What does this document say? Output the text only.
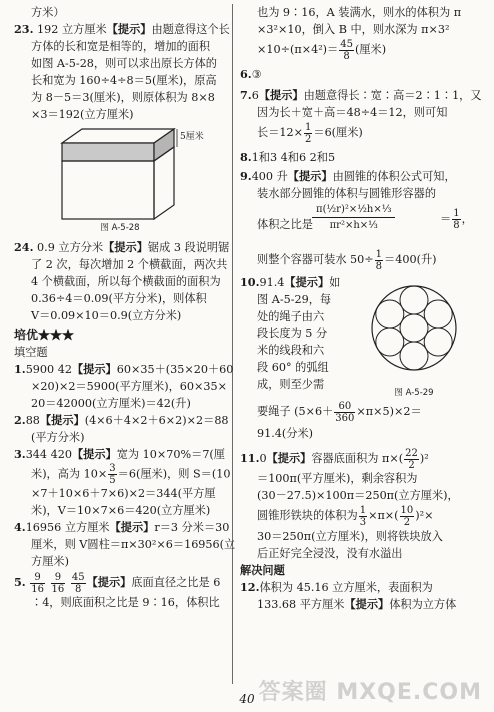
方米）
23. 192 立方厘米【提示】由题意得这个长
方体的长和宽是相等的，增加的面积
如图 A-5-28，则可以求出原长方体的
长和宽为 160÷4÷8＝5(厘米)，原高
为 8－5＝3(厘米)，则原体积为 8×8
×3＝192(立方厘米)
5厘米
图 A-5-28
24. 0.9 立方分米【提示】锯成 3 段说明锯
了 2 次，每次增加 2 个横截面，两次共
4 个横截面，所以每个横截面的面积为
0.36÷4＝0.09(平方分米)，则体积
V＝0.09×10＝0.9(立方分米)
培优★★★
填空题
1.5900 42【提示】60×35＋(35×20＋60
×20)×2＝5900(平方厘米)，60×35×
20＝42000(立方厘米)＝42(升)
2.88【提示】(4×6＋4×2＋6×2)×2＝88
(平方分米)
3.344 420【提示】宽为 10×70%＝7(厘
米)，高为 $10\times \frac{3}{5} =6$(厘米)，则 S＝(10
×7＋10×6＋7×6)×2＝344(平方厘
米)，V＝10×7×6＝420(立方厘米)
4.16956 立方厘米【提示】r＝3 分米＝30
厘米，则 V圆柱＝π×30²×6＝16956(立
方厘米)
5. $\frac{9}{16}$
$\frac{9}{16}$
$\frac{45}{8}$ 【提示】底面直径之比是 6
∶4，则底面积之比是 9∶16，体积比
也为 9∶16，A 装满水，则水的体积为 π
×3²×10，倒入 B 中，则水深为 π×3²
$\times 10\div(\pi\times 4^2)= \frac{45}{8}$ (厘米)
6.③
7.6【提示】由题意得长∶宽∶高＝2∶1∶1，又
因为长＋宽＋高＝48÷4＝12，则可知
长$=12\times \frac{1}{2} =6$(厘米)
8.1和3 4和6 2和5
9.400 升【提示】由圆锥的体积公式可知，
装水部分圆锥的体积与圆锥形容器的
体积之比是
π(½r)²×½h×⅓
πr²×h×⅓	＝ $\frac{1}{8}$ ，
则整个容器可装水 $50\div \frac{1}{8} =400$(升)
10.91.4【提示】如
图 A-5-29，每
处的绳子由六
段长度为 5 分
米的线段和六
段 60° 的弧组
成，则至少需
图 A-5-29
要绳子 $(5\times 6+ \frac{60}{360} \times\pi\times 5)\times 2=$
91.4(分米)
11.0【提示】容器底面积为 $\pi\times( \frac{22}{2} )^2$
＝100π(平方厘米)，剩余容积为
(30－27.5)×100π＝250π(立方厘米)，
圆锥形铁块的体积为 $\frac{1}{3} \times\pi\times( \frac{10}{2} )^2\times$
30＝250π(立方厘米)，则将铁块放入
后正好完全浸没，没有水溢出
解决问题
12.体积为 45.16 立方厘米，表面积为
133.68 平方厘米【提示】体积为立方体
40 答案圈 MXQE.COM
